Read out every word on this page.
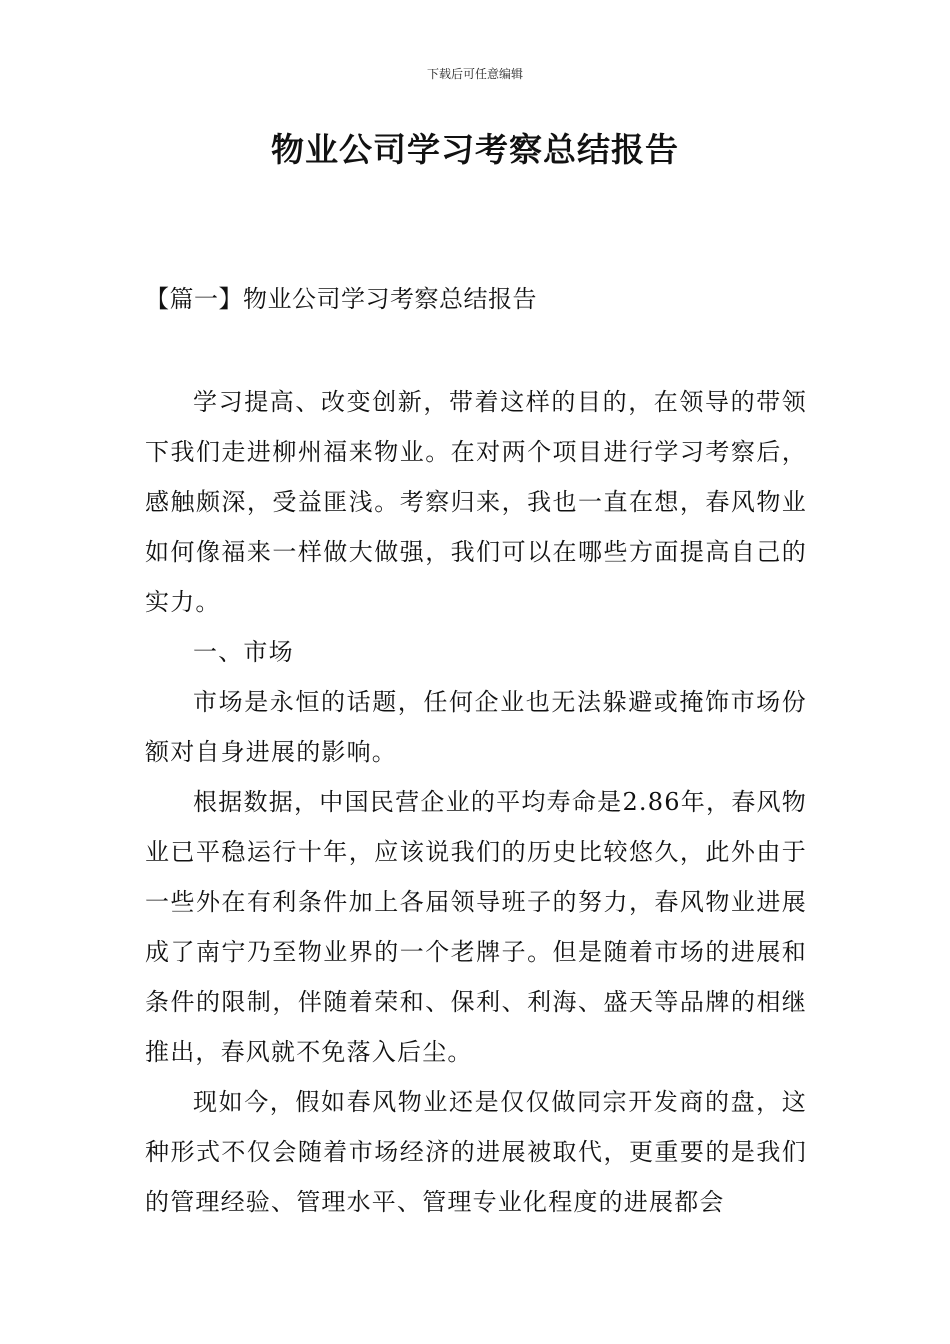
下载后可任意编辑
物业公司学习考察总结报告
【篇一】物业公司学习考察总结报告

学习提高、改变创新，带着这样的目的，在领导的带领下我们走进柳州福来物业。在对两个项目进行学习考察后，感触颇深，受益匪浅。考察归来，我也一直在想，春风物业如何像福来一样做大做强，我们可以在哪些方面提高自己的实力。

一、市场

市场是永恒的话题，任何企业也无法躲避或掩饰市场份额对自身进展的影响。

根据数据，中国民营企业的平均寿命是2.86年，春风物业已平稳运行十年，应该说我们的历史比较悠久，此外由于一些外在有利条件加上各届领导班子的努力，春风物业进展成了南宁乃至物业界的一个老牌子。但是随着市场的进展和条件的限制，伴随着荣和、保利、利海、盛天等品牌的相继推出，春风就不免落入后尘。

现如今，假如春风物业还是仅仅做同宗开发商的盘，这种形式不仅会随着市场经济的进展被取代，更重要的是我们的管理经验、管理水平、管理专业化程度的进展都会
